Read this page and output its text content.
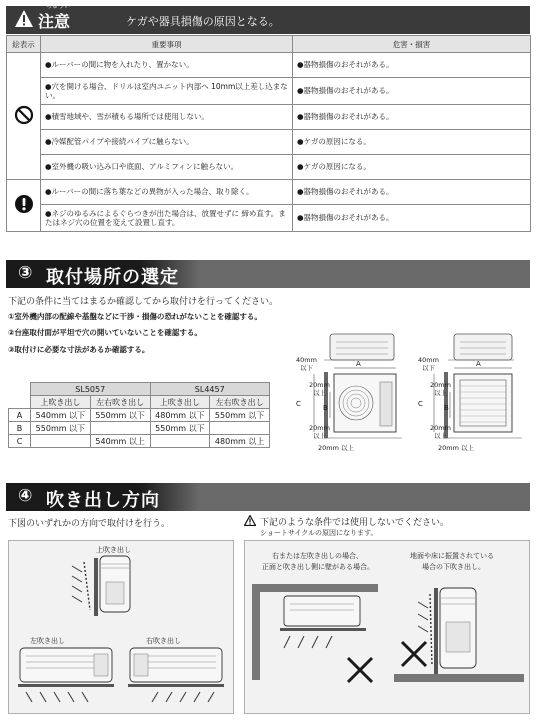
ちゅうい
注意	ケガや器具損傷の原因となる。
絵表示	重要事項	危害・損害
	●ルーバーの間に物を入れたり、置かない。	●器物損傷のおそれがある。
	●穴を開ける場合、ドリルは室内ユニット内部へ 10mm以上差し込まない。	●器物損傷のおそれがある。
	●積雪地域や、雪が積もる場所では使用しない。	●器物損傷のおそれがある。
	●冷媒配管パイプや接続パイプに触らない。	●ケガの原因になる。
	●室外機の吸い込み口や底面、アルミフィンに触らない。	●ケガの原因になる。
	●ルーバーの間に落ち葉などの異物が入った場合、取り除く。	●器物損傷のおそれがある。
	●ネジのゆるみによるぐらつきが出た場合は、放置せずに 締め直す。またはネジ穴の位置を変えて設置し直す。	●器物損傷のおそれがある。
③ 取付場所の選定
下記の条件に当てはまるか確認してから取付けを行ってください。
①室外機内部の配線や基盤などに干渉・損傷の恐れがないことを確認する。
②台座取付面が平坦で穴の開いていないことを確認する。
③取付けに必要な寸法があるか確認する。
	SL5057		SL4457	
	上吹き出し	左右吹き出し	上吹き出し	左右吹き出し
A	540mm 以下	550mm 以下	480mm 以下	550mm 以下
B	550mm 以下		550mm 以下	
C		540mm 以上		480mm 以上
40mm
以下	A
20mm
以上
C	B
20mm
以上
20mm 以上
40mm
以下	A
20mm
以上
C	B
20mm
以上
20mm 以上
④ 吹き出し方向
下図のいずれかの方向で取付けを行う。	下記のような条件では使用しないでください。
ショートサイクルの原因になります。
上吹き出し
左吹き出し	右吹き出し
右または左吹き出しの場合、
正面と吹き出し側に壁がある場合。
地面や床に振置されている
場合の下吹き出し。
